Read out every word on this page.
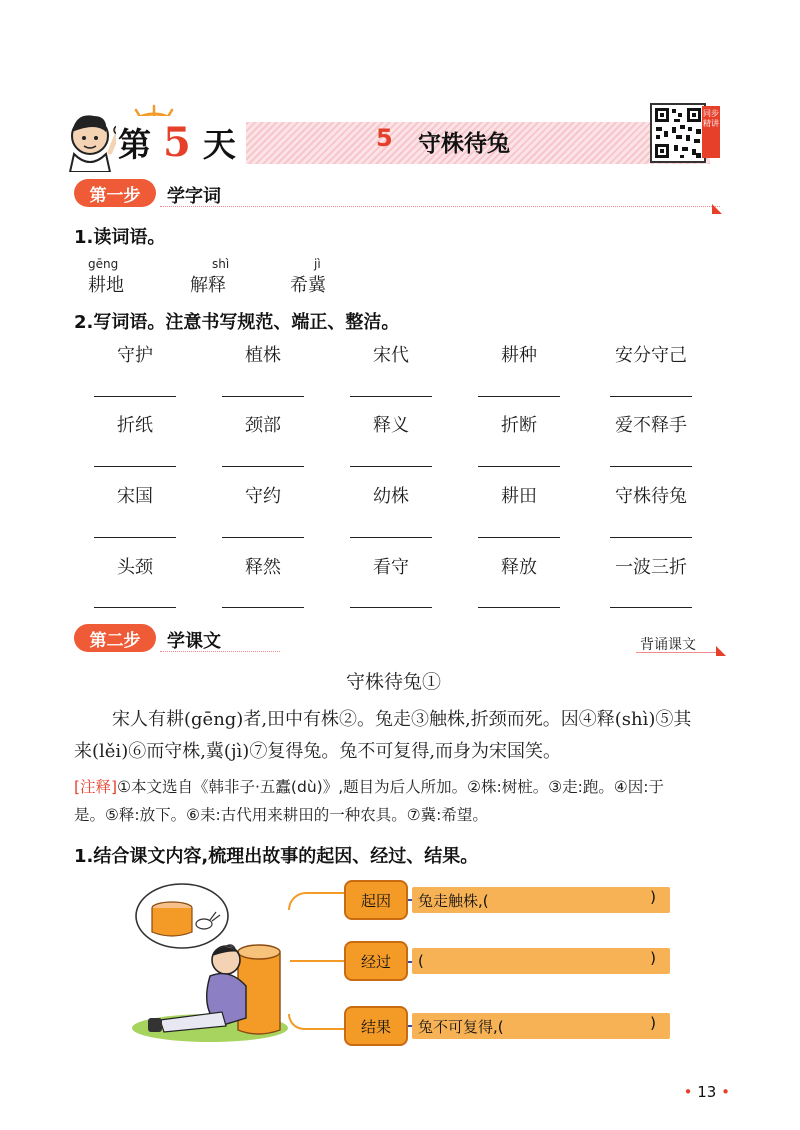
第 5 天	5 守株待兔
同步精讲
第一步	学字词
1.读词语。
gēng
耕地
shì
解释
jì
希冀
2.写词语。注意书写规范、端正、整洁。
守护	植株	宋代	耕种	安分守己
折纸	颈部	释义	折断	爱不释手
宋国	守约	幼株	耕田	守株待兔
头颈	释然	看守	释放	一波三折
第二步	学课文	背诵课文
守株待兔①
宋人有耕(gēng)者,田中有株②。兔走③触株,折颈而死。因④释(shì)⑤其
来(lěi)⑥而守株,冀(jì)⑦复得兔。兔不可复得,而身为宋国笑。
[注释]①本文选自《韩非子·五蠹(dù)》,题目为后人所加。②株:树桩。③走:跑。④因:于
是。⑤释:放下。⑥耒:古代用来耕田的一种农具。⑦冀:希望。
1.结合课文内容,梳理出故事的起因、经过、结果。
起因	兔走触株,(	)
经过	(	)
结果	兔不可复得,(	)
• 13 •
